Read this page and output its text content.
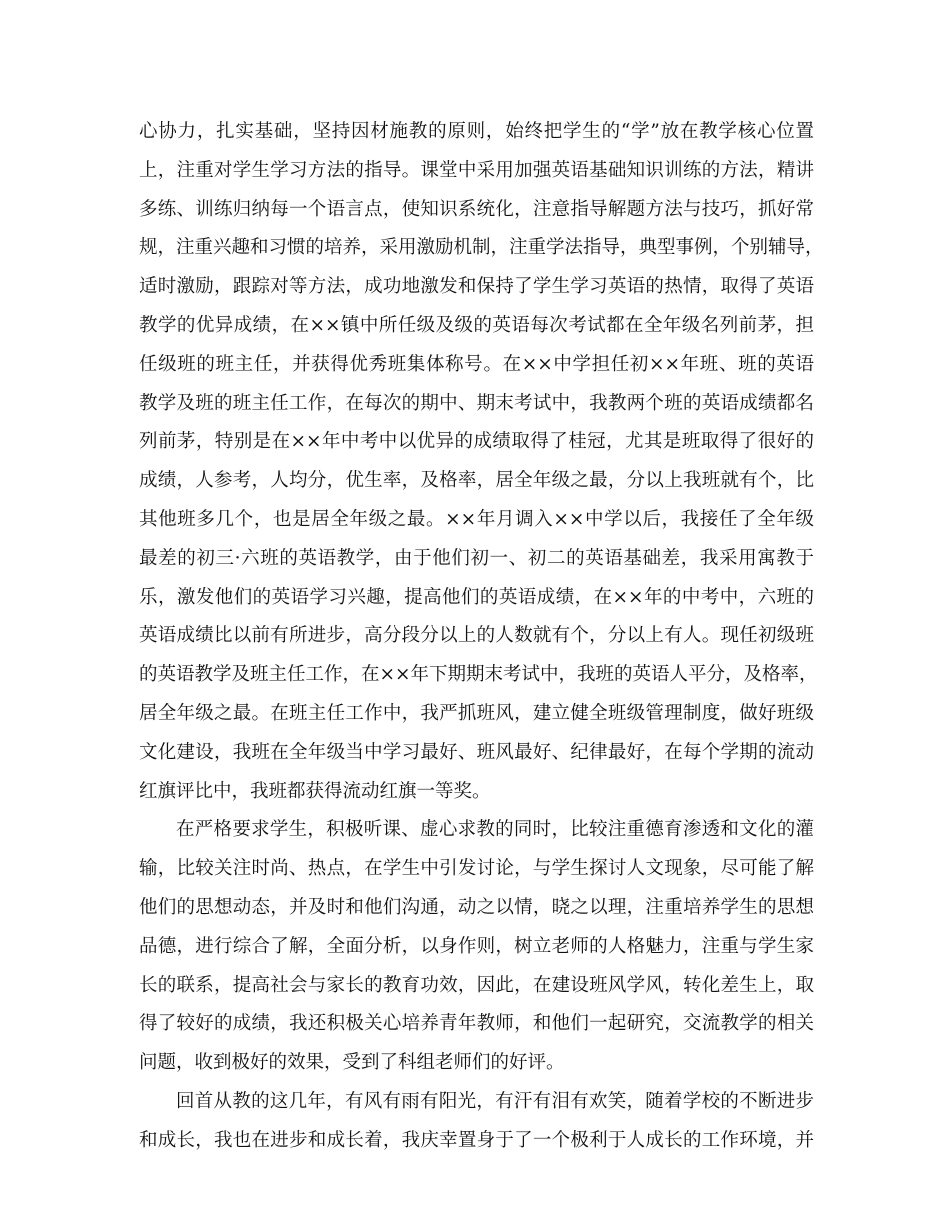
心协力，扎实基础，坚持因材施教的原则，始终把学生的“学”放在教学核心位置
上，注重对学生学习方法的指导。课堂中采用加强英语基础知识训练的方法，精讲
多练、训练归纳每一个语言点，使知识系统化，注意指导解题方法与技巧，抓好常
规，注重兴趣和习惯的培养，采用激励机制，注重学法指导，典型事例，个别辅导，
适时激励，跟踪对等方法，成功地激发和保持了学生学习英语的热情，取得了英语
教学的优异成绩，在××镇中所任级及级的英语每次考试都在全年级名列前茅，担
任级班的班主任，并获得优秀班集体称号。在××中学担任初××年班、班的英语
教学及班的班主任工作，在每次的期中、期末考试中，我教两个班的英语成绩都名
列前茅，特别是在××年中考中以优异的成绩取得了桂冠，尤其是班取得了很好的
成绩，人参考，人均分，优生率，及格率，居全年级之最，分以上我班就有个，比
其他班多几个，也是居全年级之最。××年月调入××中学以后，我接任了全年级
最差的初三·六班的英语教学，由于他们初一、初二的英语基础差，我采用寓教于
乐，激发他们的英语学习兴趣，提高他们的英语成绩，在××年的中考中，六班的
英语成绩比以前有所进步，高分段分以上的人数就有个，分以上有人。现任初级班
的英语教学及班主任工作，在××年下期期末考试中，我班的英语人平分，及格率，
居全年级之最。在班主任工作中，我严抓班风，建立健全班级管理制度，做好班级
文化建设，我班在全年级当中学习最好、班风最好、纪律最好，在每个学期的流动
红旗评比中，我班都获得流动红旗一等奖。
在严格要求学生，积极听课、虚心求教的同时，比较注重德育渗透和文化的灌
输，比较关注时尚、热点，在学生中引发讨论，与学生探讨人文现象，尽可能了解
他们的思想动态，并及时和他们沟通，动之以情，晓之以理，注重培养学生的思想
品德，进行综合了解，全面分析，以身作则，树立老师的人格魅力，注重与学生家
长的联系，提高社会与家长的教育功效，因此，在建设班风学风，转化差生上，取
得了较好的成绩，我还积极关心培养青年教师，和他们一起研究，交流教学的相关
问题，收到极好的效果，受到了科组老师们的好评。
回首从教的这几年，有风有雨有阳光，有汗有泪有欢笑，随着学校的不断进步
和成长，我也在进步和成长着，我庆幸置身于了一个极利于人成长的工作环境，并
